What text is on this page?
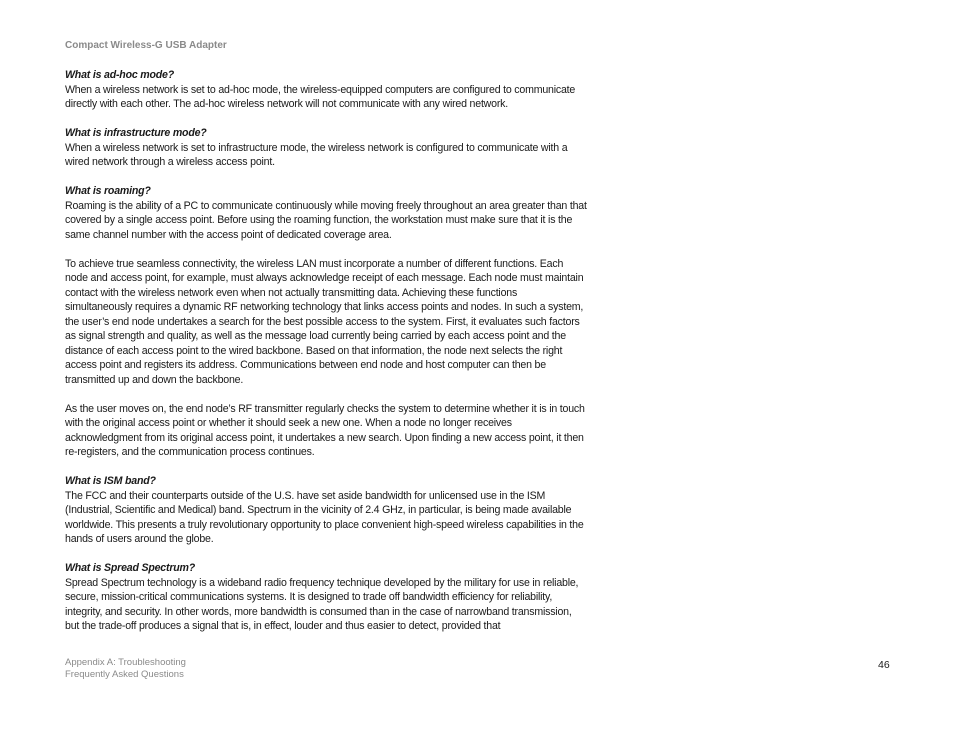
Compact Wireless-G USB Adapter

What is ad-hoc mode?

When a wireless network is set to ad-hoc mode, the wireless-equipped computers are configured to communicate directly with each other. The ad-hoc wireless network will not communicate with any wired network.

What is infrastructure mode?

When a wireless network is set to infrastructure mode, the wireless network is configured to communicate with a wired network through a wireless access point.

What is roaming?

Roaming is the ability of a PC to communicate continuously while moving freely throughout an area greater than that covered by a single access point. Before using the roaming function, the workstation must make sure that it is the same channel number with the access point of dedicated coverage area.

To achieve true seamless connectivity, the wireless LAN must incorporate a number of different functions. Each node and access point, for example, must always acknowledge receipt of each message. Each node must maintain contact with the wireless network even when not actually transmitting data. Achieving these functions simultaneously requires a dynamic RF networking technology that links access points and nodes. In such a system, the user’s end node undertakes a search for the best possible access to the system. First, it evaluates such factors as signal strength and quality, as well as the message load currently being carried by each access point and the distance of each access point to the wired backbone. Based on that information, the node next selects the right access point and registers its address. Communications between end node and host computer can then be transmitted up and down the backbone.

As the user moves on, the end node’s RF transmitter regularly checks the system to determine whether it is in touch with the original access point or whether it should seek a new one. When a node no longer receives acknowledgment from its original access point, it undertakes a new search. Upon finding a new access point, it then re-registers, and the communication process continues.

What is ISM band?

The FCC and their counterparts outside of the U.S. have set aside bandwidth for unlicensed use in the ISM (Industrial, Scientific and Medical) band. Spectrum in the vicinity of 2.4 GHz, in particular, is being made available worldwide. This presents a truly revolutionary opportunity to place convenient high-speed wireless capabilities in the hands of users around the globe.

What is Spread Spectrum?

Spread Spectrum technology is a wideband radio frequency technique developed by the military for use in reliable, secure, mission-critical communications systems. It is designed to trade off bandwidth efficiency for reliability, integrity, and security. In other words, more bandwidth is consumed than in the case of narrowband transmission, but the trade-off produces a signal that is, in effect, louder and thus easier to detect, provided that

Appendix A: Troubleshooting
Frequently Asked Questions
46
